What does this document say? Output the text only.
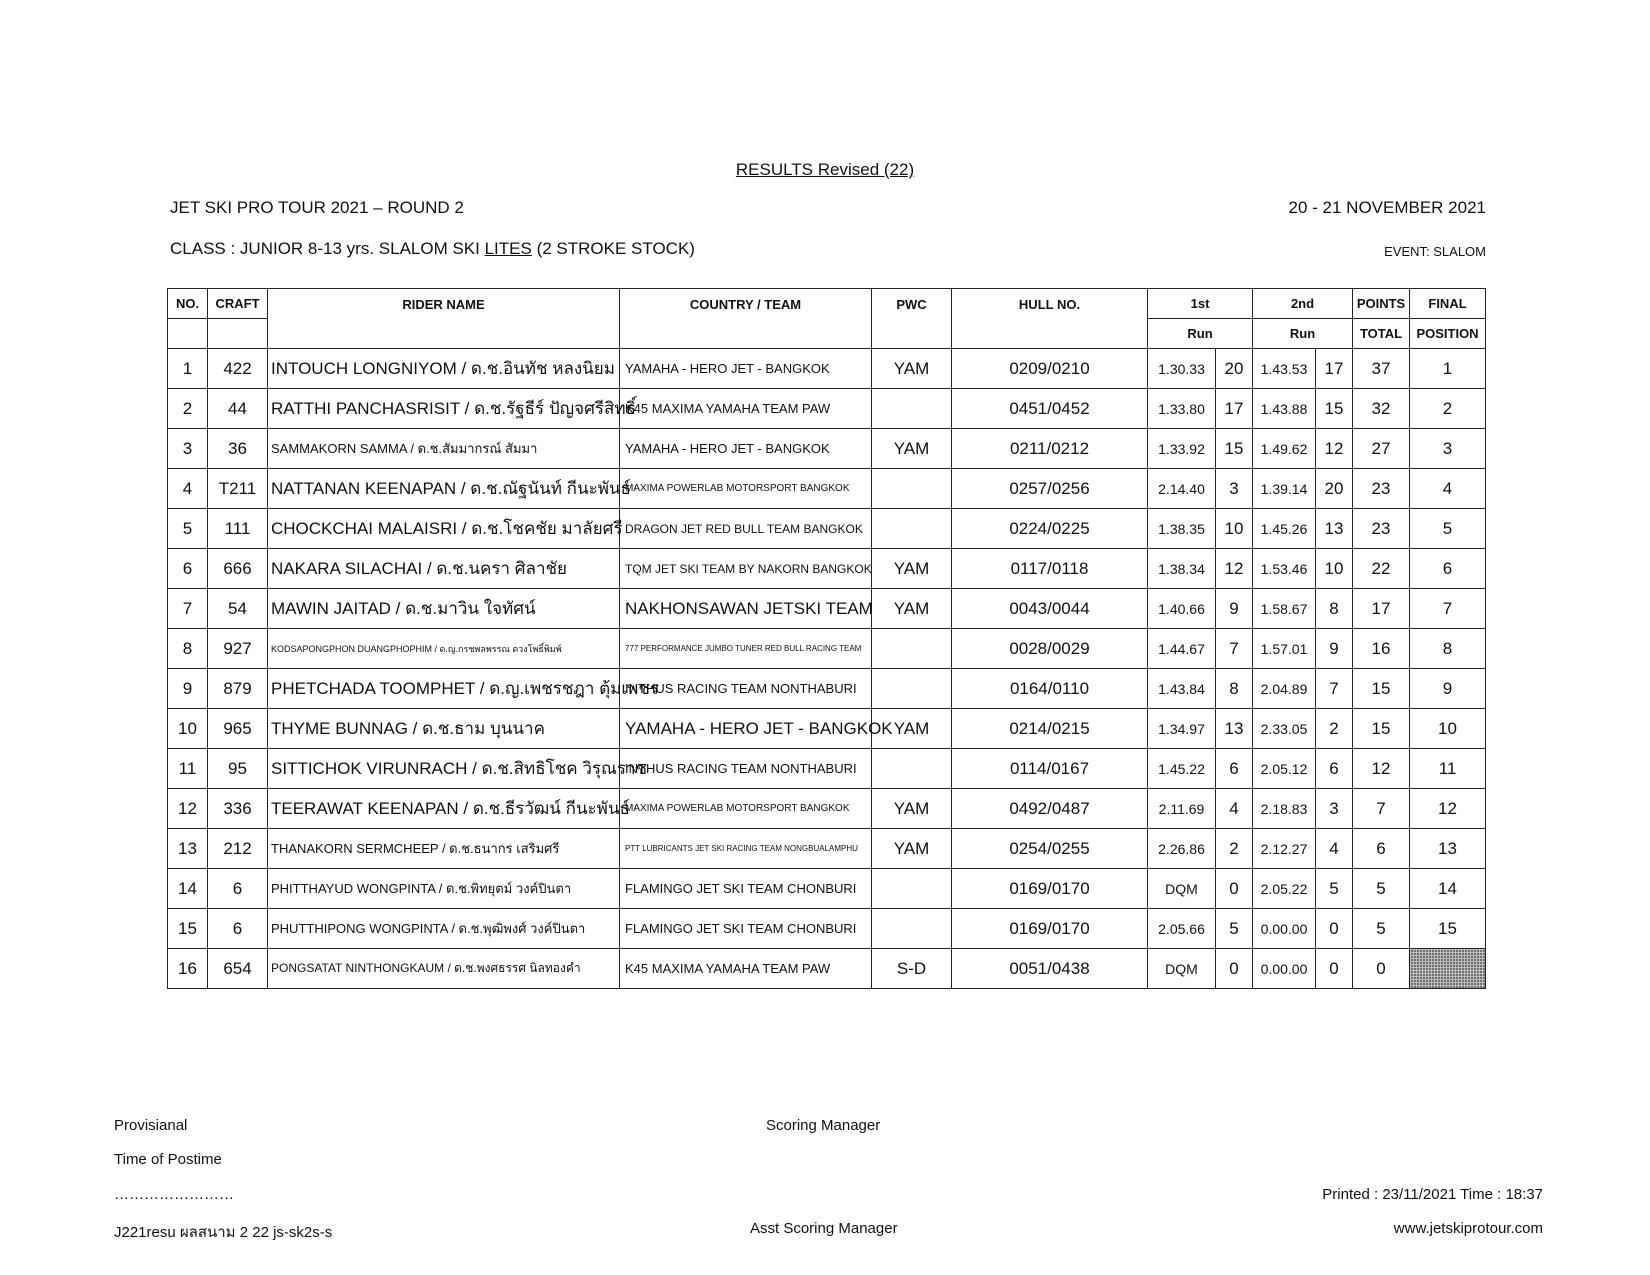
RESULTS Revised (22)
JET SKI PRO TOUR 2021 – ROUND 2	20 - 21 NOVEMBER 2021
CLASS : JUNIOR 8-13 yrs. SLALOM SKI LITES (2 STROKE STOCK)	EVENT: SLALOM
NO.	CRAFT	RIDER NAME	COUNTRY / TEAM	PWC	HULL NO.	1st		2nd		POINTS	FINAL
						Run		Run		TOTAL	POSITION
1	422	INTOUCH LONGNIYOM / ด.ช.อินทัช หลงนิยม	YAMAHA - HERO JET - BANGKOK	YAM	0209/0210	1.30.33	20	1.43.53	17	37	1
2	44	RATTHI PANCHASRISIT / ด.ช.รัฐธีร์ ปัญจศรีสิทธิ์	K45 MAXIMA YAMAHA TEAM PAW		0451/0452	1.33.80	17	1.43.88	15	32	2
3	36	SAMMAKORN SAMMA / ด.ช.สัมมากรณ์ สัมมา	YAMAHA - HERO JET - BANGKOK	YAM	0211/0212	1.33.92	15	1.49.62	12	27	3
4	T211	NATTANAN KEENAPAN / ด.ช.ณัฐนันท์ กีนะพันธ์	MAXIMA POWERLAB MOTORSPORT BANGKOK		0257/0256	2.14.40	3	1.39.14	20	23	4
5	111	CHOCKCHAI MALAISRI / ด.ช.โชคชัย มาลัยศรี	DRAGON JET RED BULL TEAM BANGKOK		0224/0225	1.38.35	10	1.45.26	13	23	5
6	666	NAKARA SILACHAI / ด.ช.นครา ศิลาชัย	TQM JET SKI TEAM BY NAKORN BANGKOK	YAM	0117/0118	1.38.34	12	1.53.46	10	22	6
7	54	MAWIN JAITAD / ด.ช.มาวิน ใจทัศน์	NAKHONSAWAN JETSKI TEAM	YAM	0043/0044	1.40.66	9	1.58.67	8	17	7
8	927	KODSAPONGPHON DUANGPHOPHIM / ด.ญ.กรชพลพรรณ ดวงโพธิ์พิมพ์	777 PERFORMANCE JUMBO TUNER RED BULL RACING TEAM		0028/0029	1.44.67	7	1.57.01	9	16	8
9	879	PHETCHADA TOOMPHET / ด.ญ.เพชรชฎา ตุ้มเพชร	INTHUS RACING TEAM NONTHABURI		0164/0110	1.43.84	8	2.04.89	7	15	9
10	965	THYME BUNNAG / ด.ช.ธาม บุนนาค	YAMAHA - HERO JET - BANGKOK	YAM	0214/0215	1.34.97	13	2.33.05	2	15	10
11	95	SITTICHOK VIRUNRACH / ด.ช.สิทธิโชค วิรุณราช	INTHUS RACING TEAM NONTHABURI		0114/0167	1.45.22	6	2.05.12	6	12	11
12	336	TEERAWAT KEENAPAN / ด.ช.ธีรวัฒน์ กีนะพันธ์	MAXIMA POWERLAB MOTORSPORT BANGKOK	YAM	0492/0487	2.11.69	4	2.18.83	3	7	12
13	212	THANAKORN SERMCHEEP / ด.ช.ธนากร เสริมศรี	PTT LUBRICANTS JET SKI RACING TEAM NONGBUALAMPHU	YAM	0254/0255	2.26.86	2	2.12.27	4	6	13
14	6	PHITTHAYUD WONGPINTA / ด.ช.พิทยุตม์ วงค์ปินตา	FLAMINGO JET SKI TEAM CHONBURI		0169/0170	DQM	0	2.05.22	5	5	14
15	6	PHUTTHIPONG WONGPINTA / ด.ช.พุฒิพงศ์ วงค์ปินตา	FLAMINGO JET SKI TEAM CHONBURI		0169/0170	2.05.66	5	0.00.00	0	5	15
16	654	PONGSATAT NINTHONGKAUM / ด.ช.พงศธรรศ นิลทองคำ	K45 MAXIMA YAMAHA TEAM PAW	S-D	0051/0438	DQM	0	0.00.00	0	0	
Provisianal
Time of Postime
……………………
J221resu ผลสนาม 2 22 js-sk2s-s
Scoring Manager
Asst Scoring Manager
Printed : 23/11/2021 Time : 18:37
www.jetskiprotour.com
